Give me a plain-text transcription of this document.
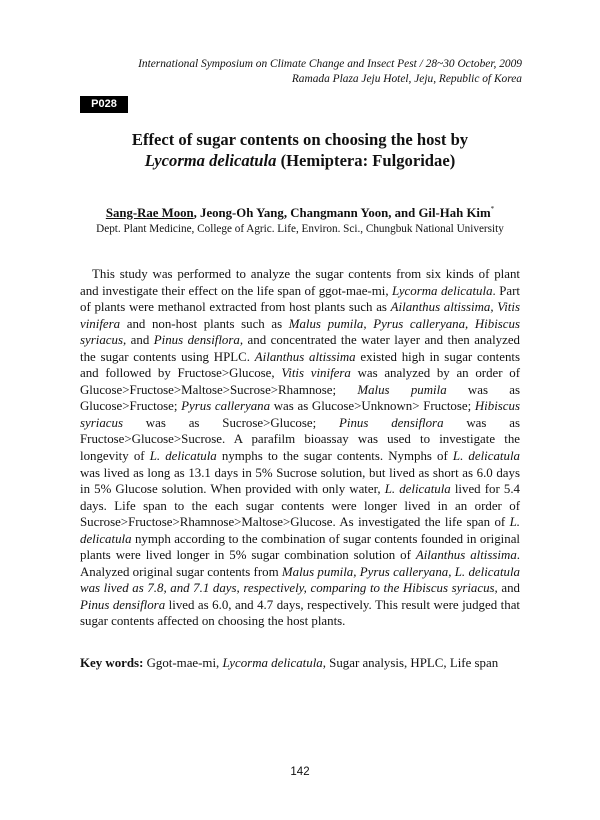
International Symposium on Climate Change and Insect Pest / 28~30 October, 2009
Ramada Plaza Jeju Hotel, Jeju, Republic of Korea
P028
Effect of sugar contents on choosing the host by
Lycorma delicatula (Hemiptera: Fulgoridae)
Sang-Rae Moon, Jeong-Oh Yang, Changmann Yoon, and Gil-Hah Kim*
Dept. Plant Medicine, College of Agric. Life, Environ. Sci., Chungbuk National University

This study was performed to analyze the sugar contents from six kinds of plant and investigate their effect on the life span of ggot-mae-mi, Lycorma delicatula. Part of plants were methanol extracted from host plants such as Ailanthus altissima, Vitis vinifera and non-host plants such as Malus pumila, Pyrus calleryana, Hibiscus syriacus, and Pinus densiflora, and concentrated the water layer and then analyzed the sugar contents using HPLC. Ailanthus altissima existed high in sugar contents and followed by Fructose>Glucose, Vitis vinifera was analyzed by an order of Glucose>Fructose>Maltose>Sucrose>Rhamnose; Malus pumila was as Glucose>Fructose; Pyrus calleryana was as Glucose>Unknown> Fructose; Hibiscus syriacus was as Sucrose>Glucose; Pinus densiflora was as Fructose>Glucose>Sucrose. A parafilm bioassay was used to investigate the longevity of L. delicatula nymphs to the sugar contents. Nymphs of L. delicatula was lived as long as 13.1 days in 5% Sucrose solution, but lived as short as 6.0 days in 5% Glucose solution. When provided with only water, L. delicatula lived for 5.4 days. Life span to the each sugar contents were longer lived in an order of Sucrose>Fructose>Rhamnose>Maltose>Glucose. As investigated the life span of L. delicatula nymph according to the combination of sugar contents founded in original plants were lived longer in 5% sugar combination solution of Ailanthus altissima. Analyzed original sugar contents from Malus pumila, Pyrus calleryana, L. delicatula was lived as 7.8, and 7.1 days, respectively, comparing to the Hibiscus syriacus, and Pinus densiflora lived as 6.0, and 4.7 days, respectively. This result were judged that sugar contents affected on choosing the host plants.

Key words: Ggot-mae-mi, Lycorma delicatula, Sugar analysis, HPLC, Life span
142
